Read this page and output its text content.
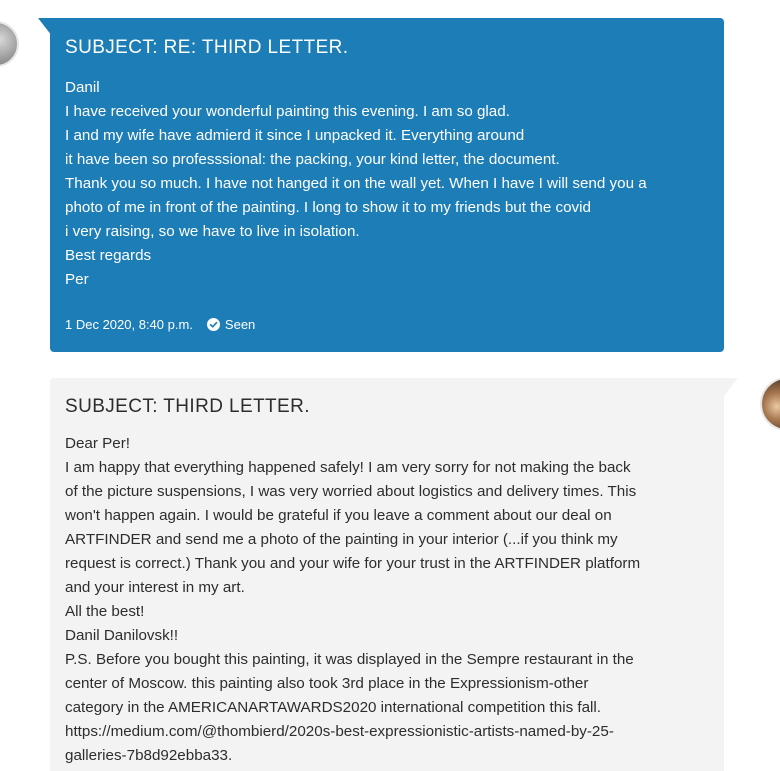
SUBJECT: RE: THIRD LETTER.
Danil
I have received your wonderful painting this evening. I am so glad.
I and my wife have admierd it since I unpacked it. Everything around
it have been so professsional: the packing, your kind letter, the document.
Thank you so much. I have not hanged it on the wall yet. When I have I will send you a
photo of me in front of the painting. I long to show it to my friends but the covid
i very raising, so we have to live in isolation.
Best regards
Per
1 Dec 2020, 8:40 p.m. Seen
SUBJECT: THIRD LETTER.
Dear Per!
I am happy that everything happened safely! I am very sorry for not making the back
of the picture suspensions, I was very worried about logistics and delivery times. This
won't happen again. I would be grateful if you leave a comment about our deal on
ARTFINDER and send me a photo of the painting in your interior (...if you think my
request is correct.) Thank you and your wife for your trust in the ARTFINDER platform
and your interest in my art.
All the best!
Danil Danilovsk!!
P.S. Before you bought this painting, it was displayed in the Sempre restaurant in the
center of Moscow. this painting also took 3rd place in the Expressionism-other
category in the AMERICANARTAWARDS2020 international competition this fall.
https://medium.com/@thombierd/2020s-best-expressionistic-artists-named-by-25-
galleries-7b8d92ebba33.
